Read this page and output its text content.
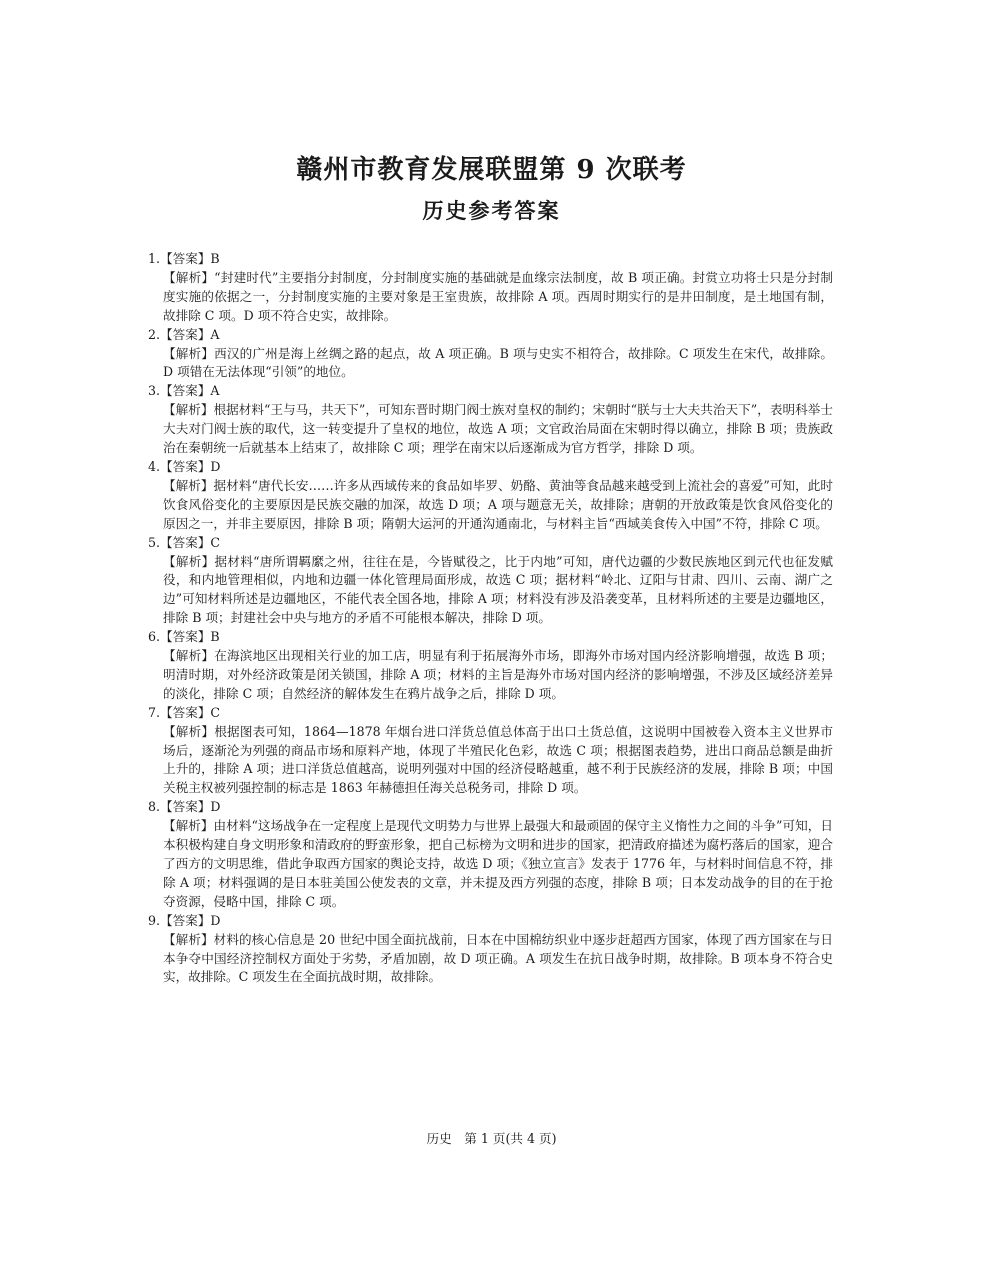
赣州市教育发展联盟第 9 次联考
历史参考答案
1.【答案】B
【解析】“封建时代”主要指分封制度，分封制度实施的基础就是血缘宗法制度，故 B 项正确。封赏立功将士只是分封制度实施的依据之一，分封制度实施的主要对象是王室贵族，故排除 A 项。西周时期实行的是井田制度，是土地国有制，故排除 C 项。D 项不符合史实，故排除。
2.【答案】A
【解析】西汉的广州是海上丝绸之路的起点，故 A 项正确。B 项与史实不相符合，故排除。C 项发生在宋代，故排除。D 项错在无法体现“引领”的地位。
3.【答案】A
【解析】根据材料“王与马，共天下”，可知东晋时期门阀士族对皇权的制约；宋朝时“朕与士大夫共治天下”，表明科举士大夫对门阀士族的取代，这一转变提升了皇权的地位，故选 A 项；文官政治局面在宋朝时得以确立，排除 B 项；贵族政治在秦朝统一后就基本上结束了，故排除 C 项；理学在南宋以后逐渐成为官方哲学，排除 D 项。
4.【答案】D
【解析】据材料“唐代长安……许多从西域传来的食品如毕罗、奶酪、黄油等食品越来越受到上流社会的喜爱”可知，此时饮食风俗变化的主要原因是民族交融的加深，故选 D 项；A 项与题意无关，故排除；唐朝的开放政策是饮食风俗变化的原因之一，并非主要原因，排除 B 项；隋朝大运河的开通沟通南北，与材料主旨“西域美食传入中国”不符，排除 C 项。
5.【答案】C
【解析】据材料“唐所谓羁縻之州，往往在是，今皆赋役之，比于内地”可知，唐代边疆的少数民族地区到元代也征发赋役，和内地管理相似，内地和边疆一体化管理局面形成，故选 C 项；据材料“岭北、辽阳与甘肃、四川、云南、湖广之边”可知材料所述是边疆地区，不能代表全国各地，排除 A 项；材料没有涉及沿袭变革，且材料所述的主要是边疆地区，排除 B 项；封建社会中央与地方的矛盾不可能根本解决，排除 D 项。
6.【答案】B
【解析】在海滨地区出现相关行业的加工店，明显有利于拓展海外市场，即海外市场对国内经济影响增强，故选 B 项；明清时期，对外经济政策是闭关锁国，排除 A 项；材料的主旨是海外市场对国内经济的影响增强，不涉及区域经济差异的淡化，排除 C 项；自然经济的解体发生在鸦片战争之后，排除 D 项。
7.【答案】C
【解析】根据图表可知，1864—1878 年烟台进口洋货总值总体高于出口土货总值，这说明中国被卷入资本主义世界市场后，逐渐沦为列强的商品市场和原料产地，体现了半殖民化色彩，故选 C 项；根据图表趋势，进出口商品总额是曲折上升的，排除 A 项；进口洋货总值越高，说明列强对中国的经济侵略越重，越不利于民族经济的发展，排除 B 项；中国关税主权被列强控制的标志是 1863 年赫德担任海关总税务司，排除 D 项。
8.【答案】D
【解析】由材料“这场战争在一定程度上是现代文明势力与世界上最强大和最顽固的保守主义惰性力之间的斗争”可知，日本积极构建自身文明形象和清政府的野蛮形象，把自己标榜为文明和进步的国家，把清政府描述为腐朽落后的国家，迎合了西方的文明思维，借此争取西方国家的舆论支持，故选 D 项；《独立宣言》发表于 1776 年，与材料时间信息不符，排除 A 项；材料强调的是日本驻美国公使发表的文章，并未提及西方列强的态度，排除 B 项；日本发动战争的目的在于抢夺资源，侵略中国，排除 C 项。
9.【答案】D
【解析】材料的核心信息是 20 世纪中国全面抗战前，日本在中国棉纺织业中逐步赶超西方国家，体现了西方国家在与日本争夺中国经济控制权方面处于劣势，矛盾加剧，故 D 项正确。A 项发生在抗日战争时期，故排除。B 项本身不符合史实，故排除。C 项发生在全面抗战时期，故排除。
历史　第 1 页(共 4 页)
